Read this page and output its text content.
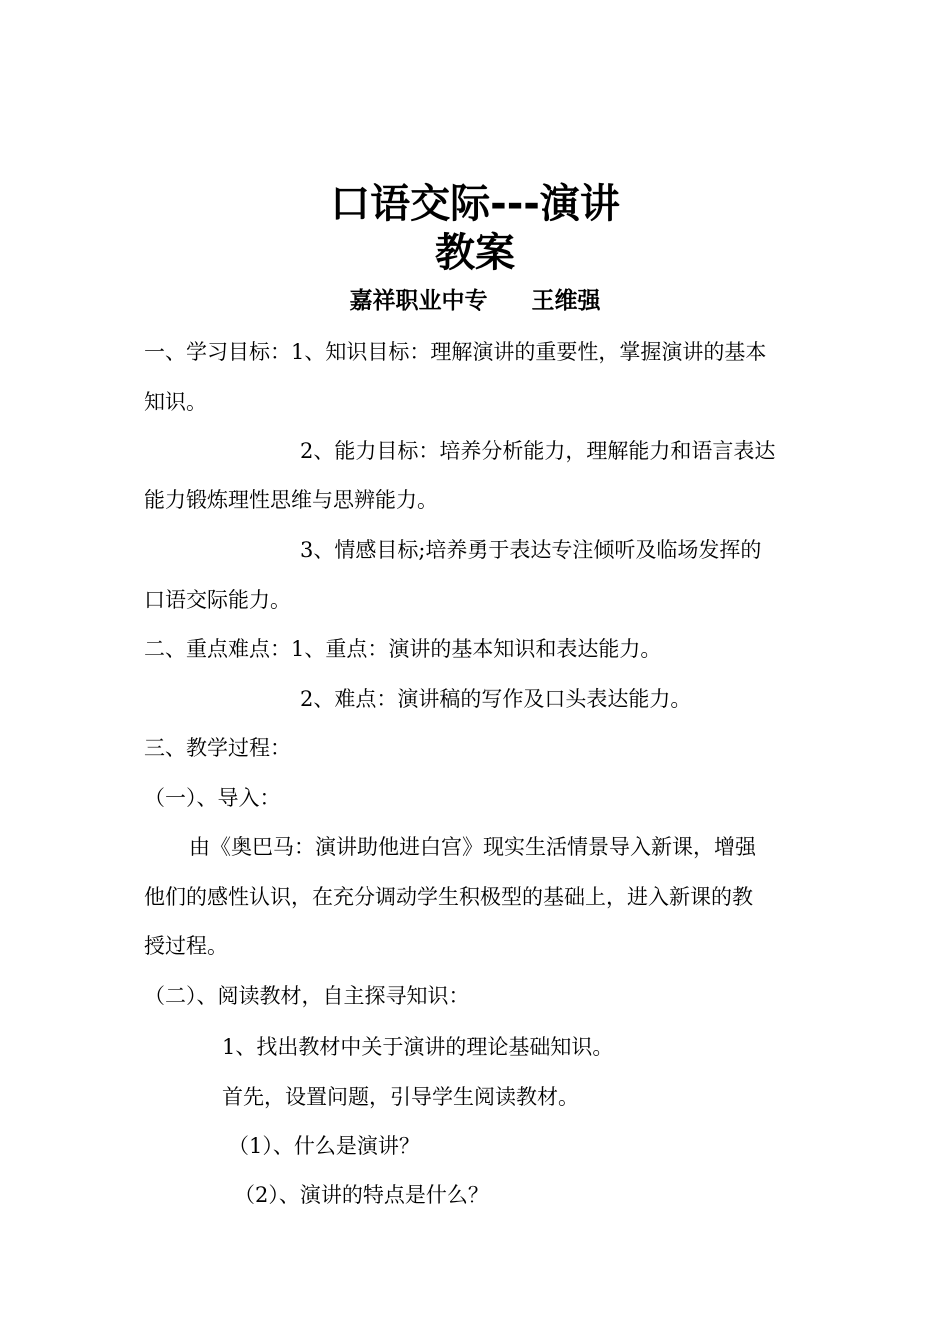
口语交际---演讲
教案
嘉祥职业中专 王维强
一、学习目标：1、知识目标：理解演讲的重要性，掌握演讲的基本
知识。
2、能力目标：培养分析能力，理解能力和语言表达
能力锻炼理性思维与思辨能力。
3、情感目标;培养勇于表达专注倾听及临场发挥的
口语交际能力。
二、重点难点：1、重点：演讲的基本知识和表达能力。
2、难点：演讲稿的写作及口头表达能力。
三、教学过程：
（一）、导入：
由《奥巴马：演讲助他进白宫》现实生活情景导入新课，增强
他们的感性认识，在充分调动学生积极型的基础上，进入新课的教
授过程。
（二）、阅读教材，自主探寻知识：
1、找出教材中关于演讲的理论基础知识。
首先，设置问题，引导学生阅读教材。
（1）、什么是演讲？
（2）、演讲的特点是什么？
